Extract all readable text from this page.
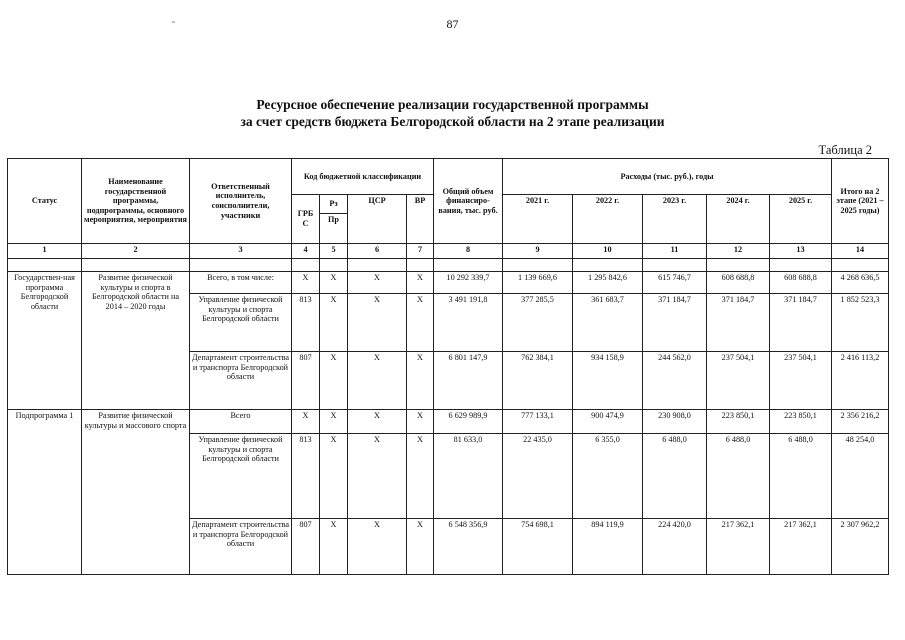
87
Ресурсное обеспечение реализации государственной программы
за счет средств бюджета Белгородской области на 2 этапе реализации
Таблица 2
Статус	Наименование государственной программы, подпрограммы, основного мероприятия, мероприятия	Ответственный исполнитель, соисполнители, участники	Код бюджетной классификации				Общий объем финансиро-вания, тыс. руб.	Расходы (тыс. руб.), годы					Итого на 2 этапе (2021 – 2025 годы)
			ГРБ С	Рз	ЦСР	ВР		2021 г.	2022 г.	2023 г.	2024 г.	2025 г.	
				Пр									
1	2	3	4	5	6	7	8	9	10	11	12	13	14

Государствен-ная программа Белгородской области	Развитие физической культуры и спорта в Белгородской области на 2014 – 2020 годы	Всего, в том числе:	X	X	X	X	10 292 339,7	1 139 669,6	1 295 842,6	615 746,7	608 688,8	608 688,8	4 268 636,5
		Управление физической культуры и спорта Белгородской области	813	X	X	X	3 491 191,8	377 285,5	361 683,7	371 184,7	371 184,7	371 184,7	1 852 523,3
		Департамент строительства и транспорта Белгородской области	807	X	X	X	6 801 147,9	762 384,1	934 158,9	244 562,0	237 504,1	237 504,1	2 416 113,2
Подпрограмма 1	Развитие физической культуры и массового спорта	Всего	X	X	X	X	6 629 989,9	777 133,1	900 474,9	230 908,0	223 850,1	223 850,1	2 356 216,2
		Управление физической культуры и спорта Белгородской области	813	X	X	X	81 633,0	22 435,0	6 355,0	6 488,0	6 488,0	6 488,0	48 254,0
		Департамент строительства и транспорта Белгородской области	807	X	X	X	6 548 356,9	754 698,1	894 119,9	224 420,0	217 362,1	217 362,1	2 307 962,2
